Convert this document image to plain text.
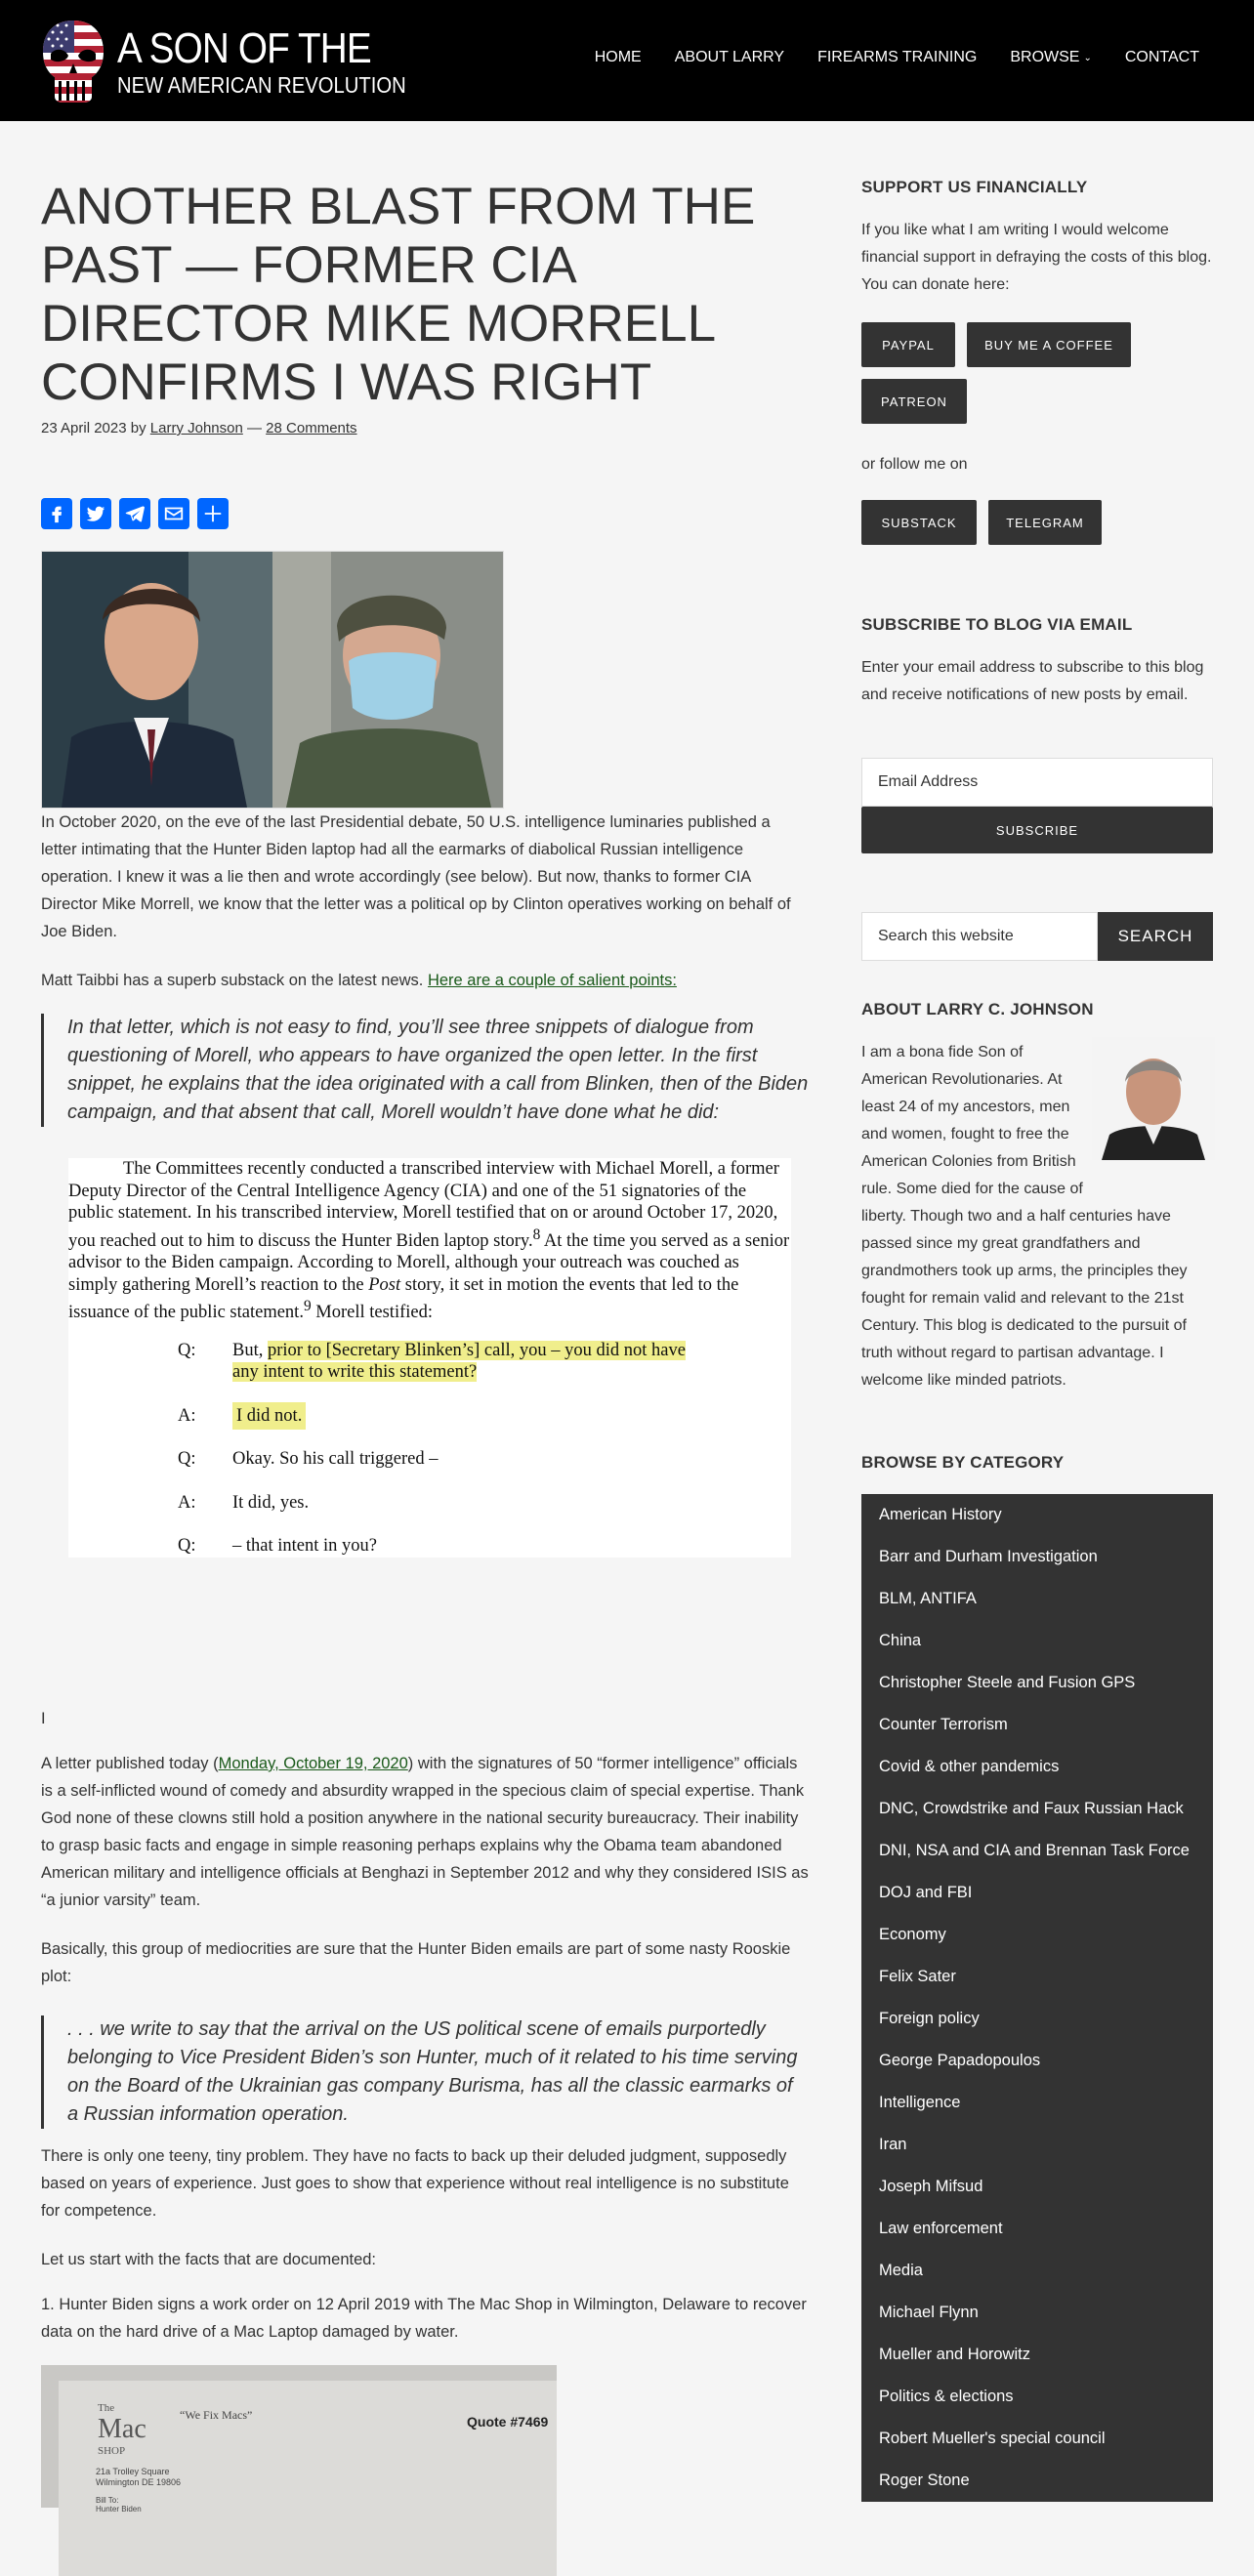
A SON OF THE
NEW AMERICAN REVOLUTION
HOME ABOUT LARRY FIREARMS TRAINING BROWSE ⌄ CONTACT
ANOTHER BLAST FROM THE PAST — FORMER CIA DIRECTOR MIKE MORRELL CONFIRMS I WAS RIGHT
23 April 2023 by Larry Johnson — 28 Comments

In October 2020, on the eve of the last Presidential debate, 50 U.S. intelligence luminaries published a letter intimating that the Hunter Biden laptop had all the earmarks of diabolical Russian intelligence operation. I knew it was a lie then and wrote accordingly (see below). But now, thanks to former CIA Director Mike Morrell, we know that the letter was a political op by Clinton operatives working on behalf of Joe Biden.

Matt Taibbi has a superb substack on the latest news. Here are a couple of salient points:

In that letter, which is not easy to find, you’ll see three snippets of dialogue from questioning of Morell, who appears to have organized the open letter. In the first snippet, he explains that the idea originated with a call from Blinken, then of the Biden campaign, and that absent that call, Morell wouldn’t have done what he did:

The Committees recently conducted a transcribed interview with Michael Morell, a former Deputy Director of the Central Intelligence Agency (CIA) and one of the 51 signatories of the public statement. In his transcribed interview, Morell testified that on or around October 17, 2020, you reached out to him to discuss the Hunter Biden laptop story.$^8$ At the time you served as a senior advisor to the Biden campaign. According to Morell, although your outreach was couched as simply gathering Morell’s reaction to the Post story, it set in motion the events that led to the issuance of the public statement.$^9$ Morell testified:

Q:	But, prior to [Secretary Blinken’s] call, you – you did not have any intent to write this statement?
A:	I did not.
Q:	Okay. So his call triggered –
A:	It did, yes.
Q:	– that intent in you?

I

A letter published today (Monday, October 19, 2020) with the signatures of 50 “former intelligence” officials is a self-inflicted wound of comedy and absurdity wrapped in the specious claim of special expertise. Thank God none of these clowns still hold a position anywhere in the national security bureaucracy. Their inability to grasp basic facts and engage in simple reasoning perhaps explains why the Obama team abandoned American military and intelligence officials at Benghazi in September 2012 and why they considered ISIS as “a junior varsity” team.

Basically, this group of mediocrities are sure that the Hunter Biden emails are part of some nasty Rooskie plot:

. . . we write to say that the arrival on the US political scene of emails purportedly belonging to Vice President Biden’s son Hunter, much of it related to his time serving on the Board of the Ukrainian gas company Burisma, has all the classic earmarks of a Russian information operation.

There is only one teeny, tiny problem. They have no facts to back up their deluded judgment, supposedly based on years of experience. Just goes to show that experience without real intelligence is no substitute for competence.

Let us start with the facts that are documented:

1. Hunter Biden signs a work order on 12 April 2019 with The Mac Shop in Wilmington, Delaware to recover data on the hard drive of a Mac Laptop damaged by water.

The
Mac
SHOP
“We Fix Macs”	Quote #7469
21a Trolley Square
Wilmington DE 19806
Bill To:
Hunter Biden
SUPPORT US FINANCIALLY

If you like what I am writing I would welcome financial support in defraying the costs of this blog. You can donate here:

PAYPAL	BUY ME A COFFEE
PATREON

or follow me on

SUBSTACK	TELEGRAM
SUBSCRIBE TO BLOG VIA EMAIL

Enter your email address to subscribe to this blog and receive notifications of new posts by email.

Email Address
SUBSCRIBE
Search this website	SEARCH
ABOUT LARRY C. JOHNSON

I am a bona fide Son of American Revolutionaries. At least 24 of my ancestors, men and women, fought to free the American Colonies from British rule. Some died for the cause of liberty. Though two and a half centuries have passed since my great grandfathers and grandmothers took up arms, the principles they fought for remain valid and relevant to the 21st Century. This blog is dedicated to the pursuit of truth without regard to partisan advantage. I welcome like minded patriots.
BROWSE BY CATEGORY
American History
Barr and Durham Investigation
BLM, ANTIFA
China
Christopher Steele and Fusion GPS
Counter Terrorism
Covid & other pandemics
DNC, Crowdstrike and Faux Russian Hack
DNI, NSA and CIA and Brennan Task Force
DOJ and FBI
Economy
Felix Sater
Foreign policy
George Papadopoulos
Intelligence
Iran
Joseph Mifsud
Law enforcement
Media
Michael Flynn
Mueller and Horowitz
Politics & elections
Robert Mueller's special council
Roger Stone
